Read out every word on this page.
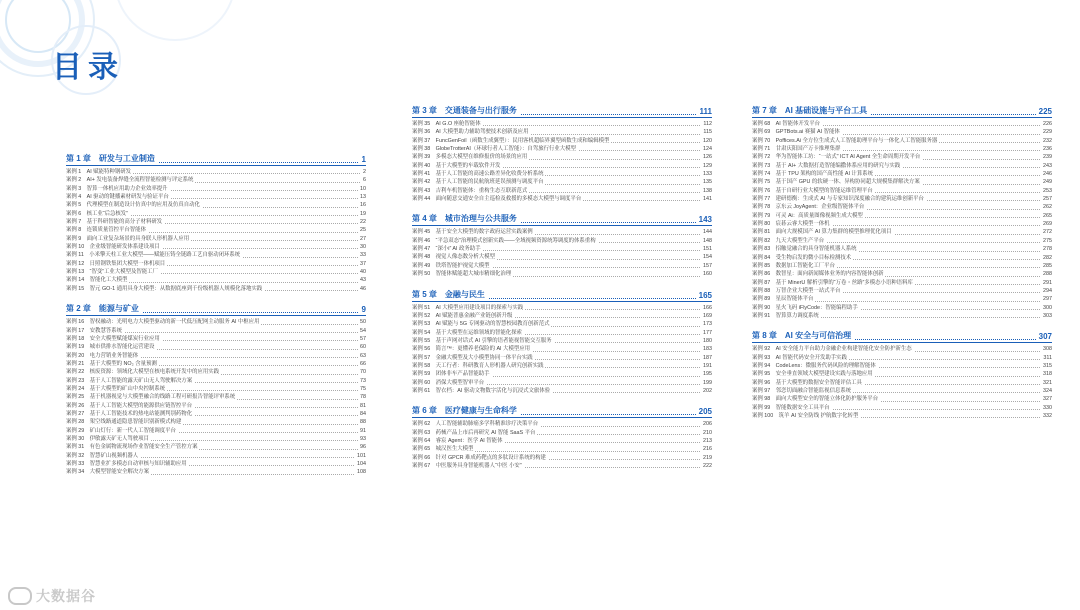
目录
第 1 章　研发与工业制造	1
案例 1　AI 赋能特种钢研发	2
案例 2　AI+ 发电装备焊缝全流程智能检测与评定系统	6
案例 3　智算一体机应用助力企业效率提升	10
案例 4　AI 驱动的键播素材研发与验证平台	13
案例 5　代理模型在制造设计仿真中的应用及仿真自动化	16
案例 6　核工业“后急核发”	19
案例 7　基于科研智能的高分子材料研发	22
案例 8　连锁质量管控平台智能体	25
案例 9　面向工业复杂场景的具身联人形机器人应用	27
案例 10　企业级智能研发体系建设项目	30
案例 11　小米擎天柱工业大模型——赋能压铸全链路工艺自驱动闭环系统	33
案例 12　日照钢铁集团大模型一体机项目	37
案例 13　“智变”工业大模型及智能工厂	40
案例 14　智能化工大模型	43
案例 15　智元 GO-1 通用具身大模型：从数据底座到千份级机器人规模化落地实践	46
第 2 章　能源与矿业	9
案例 16　智权融动：光明电力大模型驱动的新一代低压配网主动服务 AI 中枢应用	50
案例 17　安教慧答系统	54
案例 18　安全大模型赋能煤炭行业应用	57
案例 19　城市供排水智能化运营建设	60
案例 20　电力营销业务智能体	63
案例 21　基于大模型的 NO₂ 含量预测	66
案例 22　核废资源：领域化大模型在核电系统开发中的应用实践	70
案例 23　基于人工智能的露天矿山无人驾驶解决方案	73
案例 24　基于大模型的矿山中央控制系统	75
案例 25　基于机器视觉与大模型融合的线路工程可研报告智能评审系统	78
案例 26　基于人工智能大模型的能源供应链智控平台	81
案例 27　基于人工智能技术的热电站能测判别药物化	84
案例 28　架空线路通道隐患智能识别新模式构建	88
案例 29　矿山灯行：新一代人工智能调度平台	91
案例 30　伊敏露天矿无人驾驶项目	93
案例 31　有色金属物流现场作业智能安全生产管控方案	96
案例 32　智慧矿山视频机器人	101
案例 33　智慧业扩多模态自动审核与知识辅助应用	104
案例 34　大模型智能安全解决方案	108
第 3 章　交通装备与出行服务	111
案例 35　AI G.O 座舱智能体	112
案例 36　AI 大模型助力辅助驾驶技术创新及应用	115
案例 37　FuncGenFoil（函数生成翼型）：民用客机超临界翼型函数生成和编辑模型	120
案例 38　GlobeTrotterAI（环球行者人工智能）：自驾旅行行业大模型	124
案例 39　多模态大模型在维修报价的场景的应用	126
案例 40　基于大模型的车载软件开发	129
案例 41　基于人工智能的高速公路差异化收费分析系统	133
案例 42　基于人工智能的民航航班延误预测与调度平台	135
案例 43　吉利车机智能体：重构生态互联新范式	138
案例 44　面向随意交通安全自主巡检及救援的多模态大模型与调度平台	141
第 4 章　城市治理与公共服务	143
案例 45　基于安全大模型的数字政府运营实践案例	144
案例 46　“平急双态”治理模式创新实践——全域视频资源统筹调度的体系重构	148
案例 47　“深小i” AI 政务助手	151
案例 48　视觉人像态数分析大模型	154
案例 49　铁塔智能护视觉大模型	157
案例 50　智能体赋能超大城市精细化治理	160
第 5 章　金融与民生	165
案例 51　AI 大模型应用建设项目的探索与实践	166
案例 52　AI 赋能普惠金融产业链创新升级	169
案例 53　AI 赋能与 5G 专网驱动的智慧校园教育创新范式	173
案例 54　基于大模型在运维领域的智能化探索	177
案例 55　基于声网对话式 AI 引擎的语者能视智能交互服务	180
案例 56　简言™：更懂养老保险的 AI 大模型应用	183
案例 57　金融大模型及大小模型协同一体平台实践	187
案例 58　天工行者：科研教育人形机器人研究创新实践	191
案例 59　团体非车产品智能助手	195
案例 60　消保大模型智审平台	199
案例 61　智衣档：AI 驱动文物数字活化与沉浸式文旅体验	202
第 6 章　医疗健康与生命科学	205
案例 62　人工智能辅助肺癌多学科精准诊疗决策平台	206
案例 63　药械产品上市后再研究 AI 智能 SaaS 平台	210
案例 64　睿宸 Agent：医学 AI 智能体	213
案例 65　城汉医生大模型	216
案例 66　针对 GPCR 难成药靶点的多肽设计系统的构建	219
案例 67　中医服务具身智能机器人“中医 小安”	222
第 7 章　AI 基础设施与平台工具	225
案例 68　AI 智能体开发平台	226
案例 69　GPTBots.ai 赛猫 AI 智能体	229
案例 70　Poffices.Ai 全方位生成式人工智能助理平台与一体化人工智能服务器	232
案例 71　甘肃庆阳国产万卡推理集群	236
案例 72　华为智能体工坊：“一站式” ICT AI Agent 全生命周期开发平台	239
案例 73　基于 AI+ 大数据打造智能编撒体系应用的研究与实践	243
案例 74　基于 TPU 架构的国产高性能 AI 计算系统	246
案例 75　基于国产 GPU 的软硬一体、异构协同超大规模集群解决方案	249
案例 76　基于自研行业大模型的智能运维管理平台	253
案例 77　建研德衡：生成式 AI 与专家知识深度融合的建筑运维创新平台	257
案例 78　京东云 JoyAgent：企业级智能体平台	262
案例 79　可灵 Ai：高质量图像视频生成大模型	265
案例 80　宸碁云睿大模型一体机	269
案例 81　面向大规模国产 AI 算力集群的模型推理优化项目	272
案例 82　九天大模型生产平台	275
案例 83　招触觉融合的具身智能机器人系统	278
案例 84　受生物启发的微小目标检测技术	282
案例 85　数据加工智能化工厂平台	285
案例 86　数智星：面向新闻媒体业务的内容智能体创新	288
案例 87　基于 MinerU 解析引擎的“万卷・丝路”多模态小语种语料库	291
案例 88　万智企业大模型一站式平台	294
案例 89　星辰智能体平台	297
案例 90　星火飞码 iFlyCode：智能编程助手	300
案例 91　智算算力调度系统	303
第 8 章　AI 安全与可信治理	307
案例 92　AI 安全能力平台助力金融企业构建智能化安全防护新生态	308
案例 93　AI 智能代码安全开发助手实践	311
案例 94　CodeLens：微服务代码风险的理解智能体	315
案例 95　安全垂直领域大模型建设实践与落地应用	318
案例 96　基于大模型的数据安全智能评估工具	321
案例 97　邻恋切面融合智能监视信息系统	324
案例 98　面向大模型安全的智能立体化防护服务平台	327
案例 99　智能数据安全工具平台	330
案例 100　筑羊 AI 安全防线 护航数字化转型	332
大数据谷
